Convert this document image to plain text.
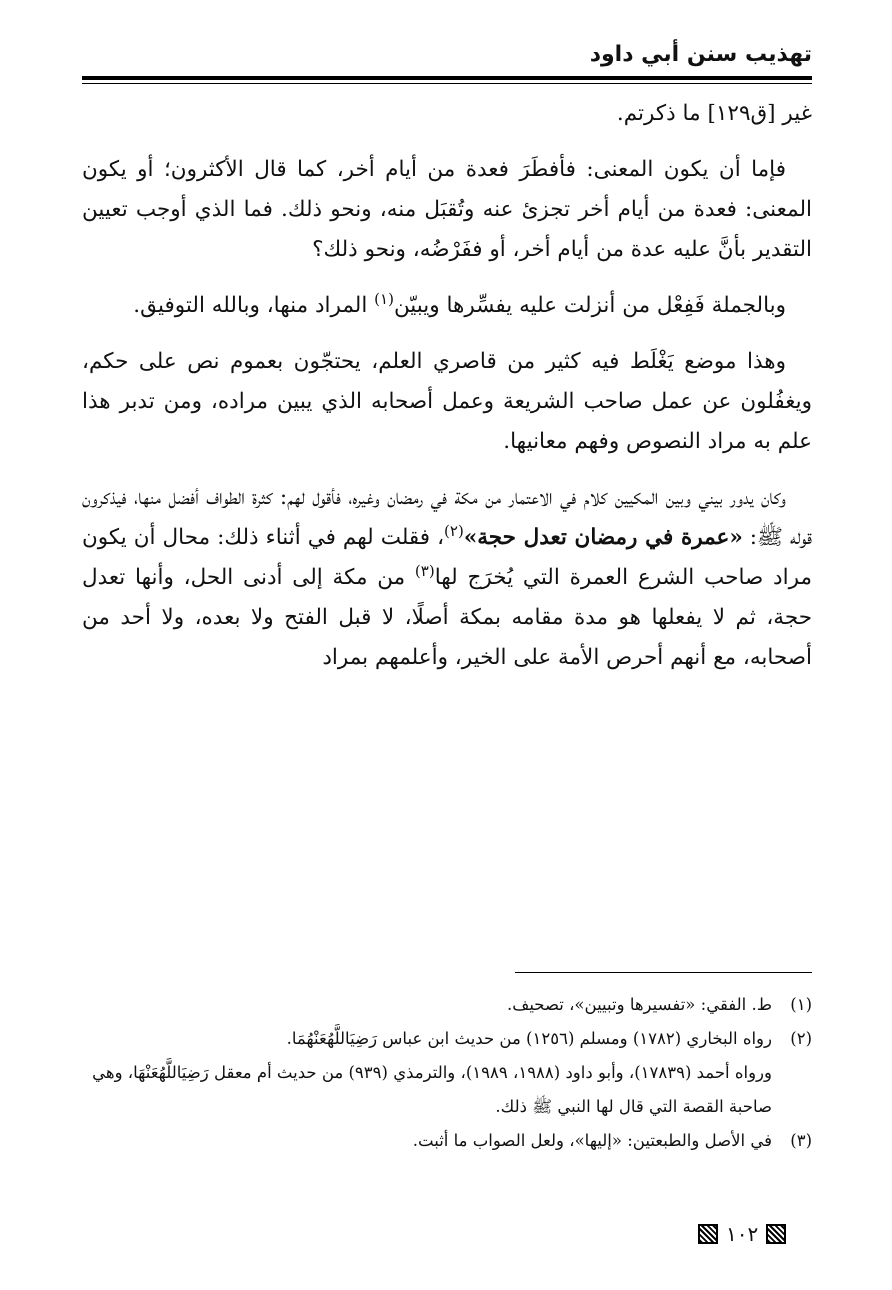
تهذيب سنن أبي داود

غير [ق١٢٩] ما ذكرتم.

فإما أن يكون المعنى: فأفطَرَ فعدة من أيام أخر، كما قال الأكثرون؛ أو يكون المعنى: فعدة من أيام أخر تجزئ عنه وتُقبَل منه، ونحو ذلك. فما الذي أوجب تعيين التقدير بأنَّ عليه عدة من أيام أخر، أو ففَرْضُه، ونحو ذلك؟

وبالجملة فَفِعْل من أنزلت عليه يفسِّرها ويبيّن$^{(١)}$ المراد منها، وبالله التوفيق.

وهذا موضع يَغْلَط فيه كثير من قاصري العلم، يحتجّون بعموم نص على حكم، ويغفُلون عن عمل صاحب الشريعة وعمل أصحابه الذي يبين مراده، ومن تدبر هذا علم به مراد النصوص وفهم معانيها.

وكان يدور بيني وبين المكيين كلام في الاعتمار من مكة في رمضان وغيره، فأقول لهم: كثرة الطواف أفضل منها، فيذكرون قوله ﷺ: «عمرة في رمضان تعدل حجة»$^{(٢)}$، فقلت لهم في أثناء ذلك: محال أن يكون مراد صاحب الشرع العمرة التي يُخرَج لها$^{(٣)}$ من مكة إلى أدنى الحل، وأنها تعدل حجة، ثم لا يفعلها هو مدة مقامه بمكة أصلًا، لا قبل الفتح ولا بعده، ولا أحد من أصحابه، مع أنهم أحرص الأمة على الخير، وأعلمهم بمراد

(١)
ط. الفقي: «تفسيرها وتبيين»، تصحيف.
(٢)
رواه البخاري (١٧٨٢) ومسلم (١٢٥٦) من حديث ابن عباس رَضِيَاللَّهُعَنْهُمَا.
ورواه أحمد (١٧٨٣٩)، وأبو داود (١٩٨٨، ١٩٨٩)، والترمذي (٩٣٩) من حديث أم معقل رَضِيَاللَّهُعَنْهَا، وهي صاحبة القصة التي قال لها النبي ﷺ ذلك.
(٣)
في الأصل والطبعتين: «إليها»، ولعل الصواب ما أثبت.
١٠٢
